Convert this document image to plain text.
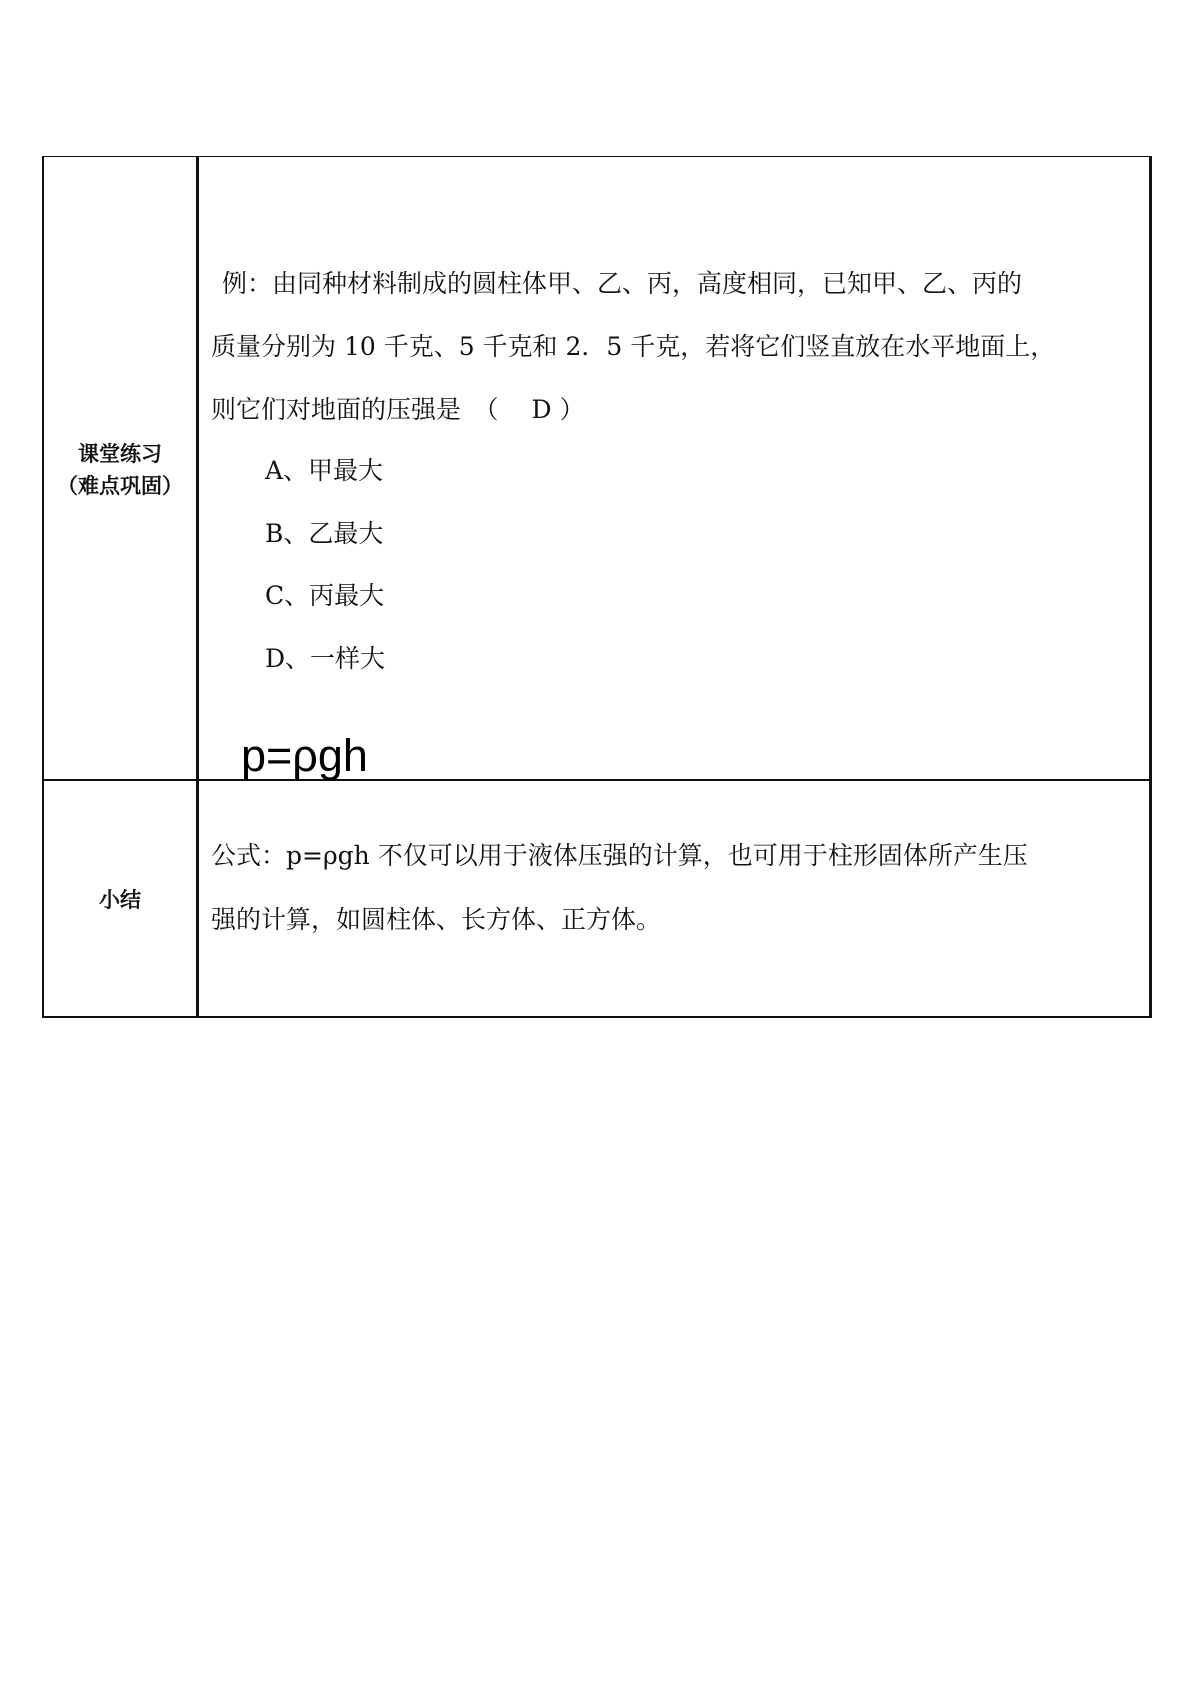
课堂练习
（难点巩固）
例：由同种材料制成的圆柱体甲、乙、丙，高度相同，已知甲、乙、丙的
质量分别为 10 千克、5 千克和 2．5 千克，若将它们竖直放在水平地面上，
则它们对地面的压强是　（　 D ）
A、甲最大
B、乙最大
C、丙最大
D、一样大
p=ρgh
小结
公式：p=ρgh 不仅可以用于液体压强的计算，也可用于柱形固体所产生压
强的计算，如圆柱体、长方体、正方体。
